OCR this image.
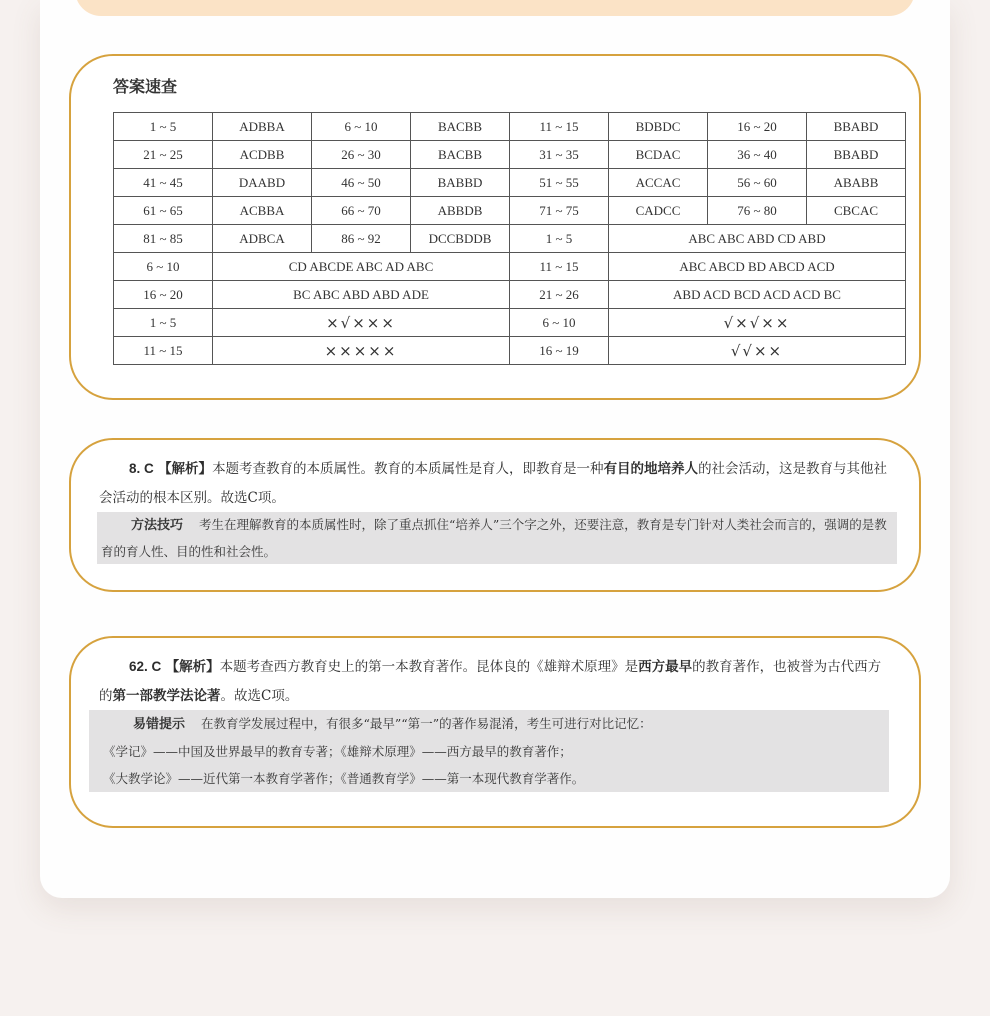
答案速查
1 ~ 5	ADBBA	6 ~ 10	BACBB	11 ~ 15	BDBDC	16 ~ 20	BBABD
21 ~ 25	ACDBB	26 ~ 30	BACBB	31 ~ 35	BCDAC	36 ~ 40	BBABD
41 ~ 45	DAABD	46 ~ 50	BABBD	51 ~ 55	ACCAC	56 ~ 60	ABABB
61 ~ 65	ACBBA	66 ~ 70	ABBDB	71 ~ 75	CADCC	76 ~ 80	CBCAC
81 ~ 85	ADBCA	86 ~ 92	DCCBDDB	1 ~ 5	ABC ABC ABD CD ABD		
6 ~ 10	CD ABCDE ABC AD ABC			11 ~ 15	ABC ABCD BD ABCD ACD		
16 ~ 20	BC ABC ABD ABD ADE			21 ~ 26	ABD ACD BCD ACD ACD BC		
1 ~ 5	×√×××			6 ~ 10	√×√××		
11 ~ 15	×××××			16 ~ 19	√√××		
8. C 【解析】本题考查教育的本质属性。教育的本质属性是育人，即教育是一种有目的地培养人的社会活动，这是教育与其他社会活动的根本区别。故选C项。
方法技巧 考生在理解教育的本质属性时，除了重点抓住“培养人”三个字之外，还要注意，教育是专门针对人类社会而言的，强调的是教育的育人性、目的性和社会性。
62. C 【解析】本题考查西方教育史上的第一本教育著作。昆体良的《雄辩术原理》是西方最早的教育著作，也被誉为古代西方的第一部教学法论著。故选C项。
易错提示 在教育学发展过程中，有很多“最早”“第一”的著作易混淆，考生可进行对比记忆：
《学记》——中国及世界最早的教育专著；《雄辩术原理》——西方最早的教育著作；
《大教学论》——近代第一本教育学著作；《普通教育学》——第一本现代教育学著作。
